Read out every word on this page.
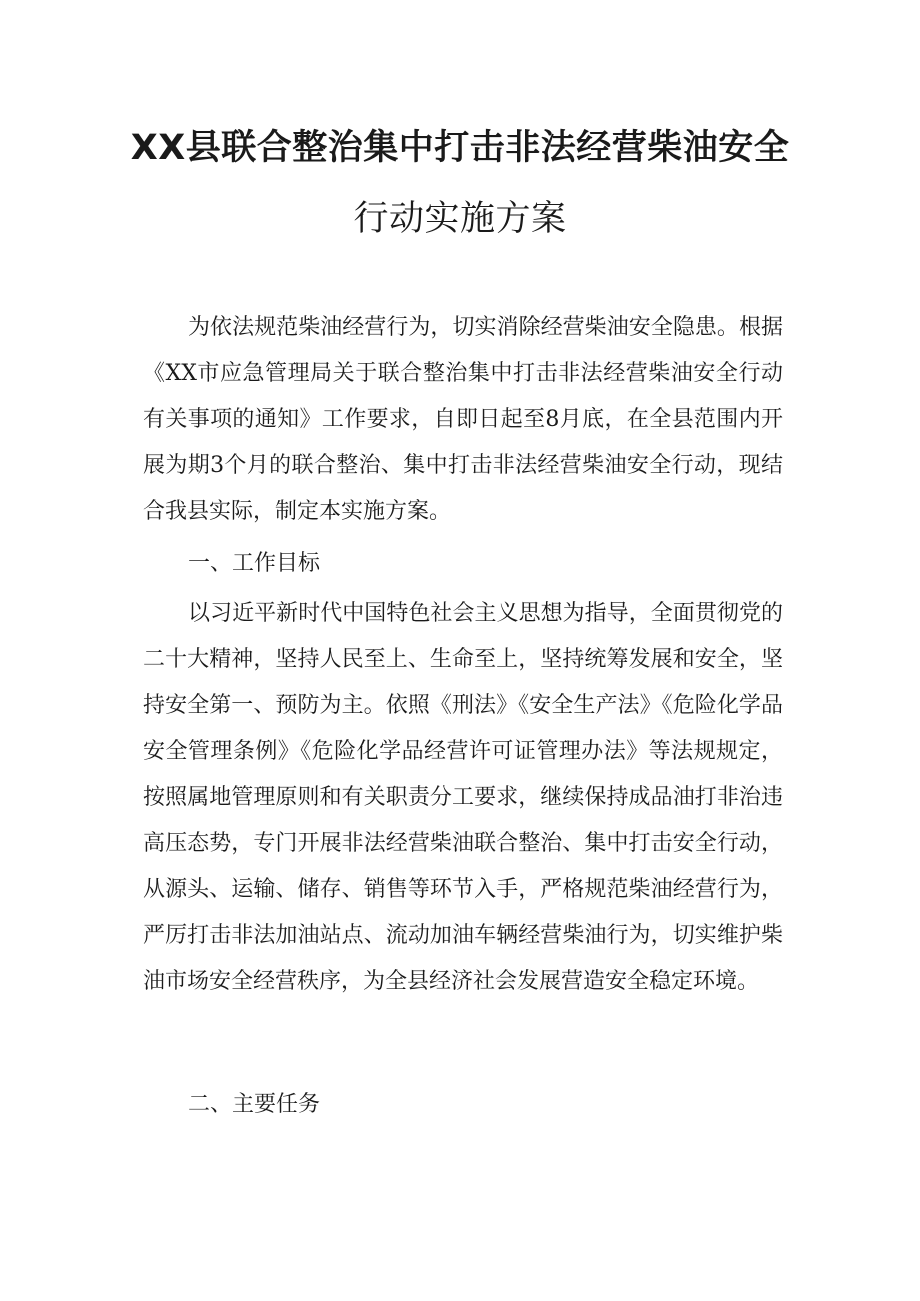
XX县联合整治集中打击非法经营柴油安全
行动实施方案

为依法规范柴油经营行为，切实消除经营柴油安全隐患。根据《XX市应急管理局关于联合整治集中打击非法经营柴油安全行动有关事项的通知》工作要求，自即日起至8月底，在全县范围内开展为期3个月的联合整治、集中打击非法经营柴油安全行动，现结合我县实际，制定本实施方案。

一、工作目标

以习近平新时代中国特色社会主义思想为指导，全面贯彻党的二十大精神，坚持人民至上、生命至上，坚持统筹发展和安全，坚持安全第一、预防为主。依照《刑法》《安全生产法》《危险化学品安全管理条例》《危险化学品经营许可证管理办法》等法规规定，按照属地管理原则和有关职责分工要求，继续保持成品油打非治违高压态势，专门开展非法经营柴油联合整治、集中打击安全行动，从源头、运输、储存、销售等环节入手，严格规范柴油经营行为，严厉打击非法加油站点、流动加油车辆经营柴油行为，切实维护柴油市场安全经营秩序，为全县经济社会发展营造安全稳定环境。

二、主要任务
